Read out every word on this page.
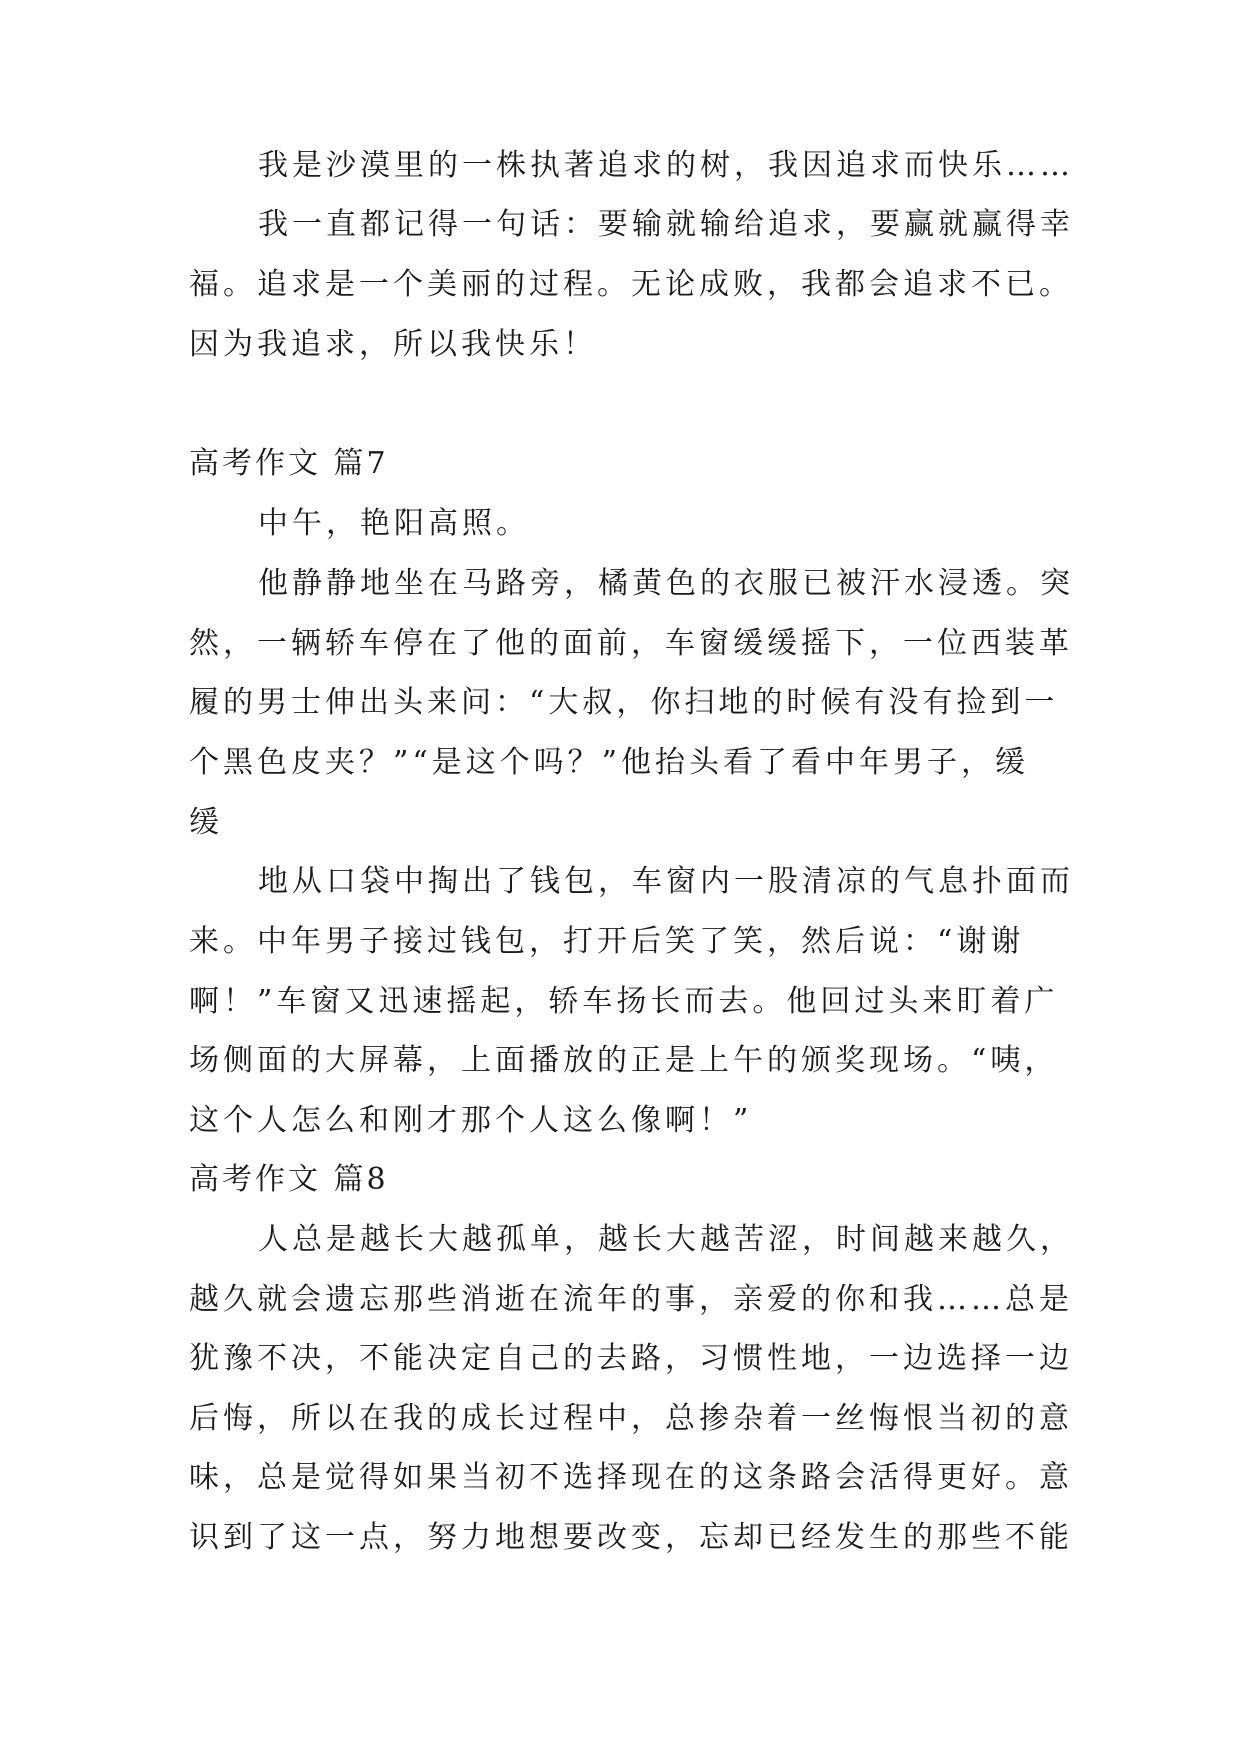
我是沙漠里的一株执著追求的树，我因追求而快乐……
我一直都记得一句话：要输就输给追求，要赢就赢得幸
福。追求是一个美丽的过程。无论成败，我都会追求不已。
因为我追求，所以我快乐！
高考作文 篇7
中午，艳阳高照。
他静静地坐在马路旁，橘黄色的衣服已被汗水浸透。突
然，一辆轿车停在了他的面前，车窗缓缓摇下，一位西装革
履的男士伸出头来问：“大叔，你扫地的时候有没有捡到一
个黑色皮夹？”“是这个吗？”他抬头看了看中年男子，缓
缓
地从口袋中掏出了钱包，车窗内一股清凉的气息扑面而
来。中年男子接过钱包，打开后笑了笑，然后说：“谢谢
啊！”车窗又迅速摇起，轿车扬长而去。他回过头来盯着广
场侧面的大屏幕，上面播放的正是上午的颁奖现场。“咦，
这个人怎么和刚才那个人这么像啊！”
高考作文 篇8
人总是越长大越孤单，越长大越苦涩，时间越来越久，
越久就会遗忘那些消逝在流年的事，亲爱的你和我……总是
犹豫不决，不能决定自己的去路，习惯性地，一边选择一边
后悔，所以在我的成长过程中，总掺杂着一丝悔恨当初的意
味，总是觉得如果当初不选择现在的这条路会活得更好。意
识到了这一点，努力地想要改变，忘却已经发生的那些不能
